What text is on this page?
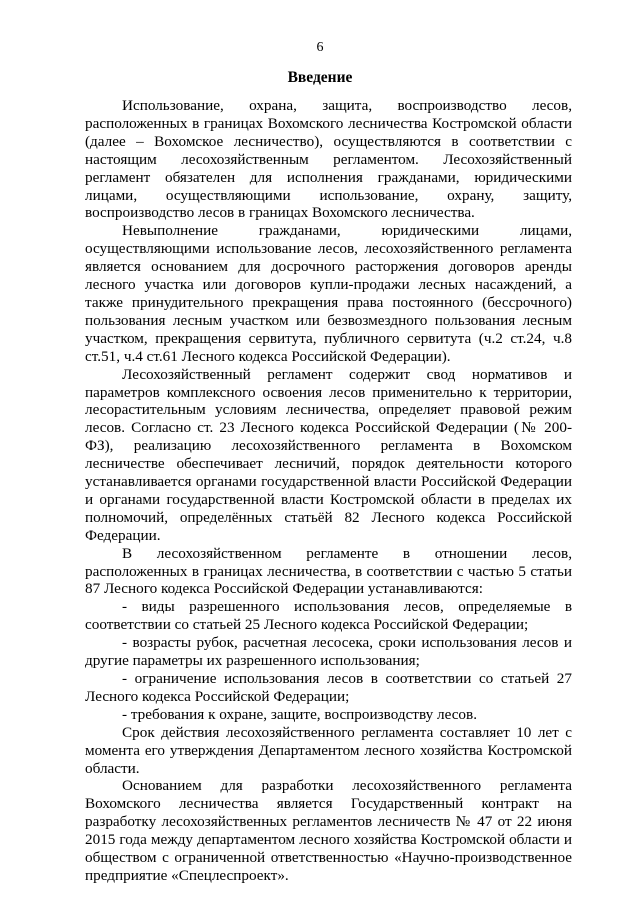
6
Введение

Использование, охрана, защита, воспроизводство лесов, расположенных в границах Вохомского лесничества Костромской области (далее – Вохомское лесничество), осуществляются в соответствии с настоящим лесохозяйственным регламентом. Лесохозяйственный регламент обязателен для исполнения гражданами, юридическими лицами, осуществляющими использование, охрану, защиту, воспроизводство лесов в границах Вохомского лесничества.

Невыполнение гражданами, юридическими лицами, осуществляющими использование лесов, лесохозяйственного регламента является основанием для досрочного расторжения договоров аренды лесного участка или договоров купли-продажи лесных насаждений, а также принудительного прекращения права постоянного (бессрочного) пользования лесным участком или безвозмездного пользования лесным участком, прекращения сервитута, публичного сервитута (ч.2 ст.24, ч.8 ст.51, ч.4 ст.61 Лесного кодекса Российской Федерации).

Лесохозяйственный регламент содержит свод нормативов и параметров комплексного освоения лесов применительно к территории, лесорастительным условиям лесничества, определяет правовой режим лесов. Согласно ст. 23 Лесного кодекса Российской Федерации (№ 200-ФЗ), реализацию лесохозяйственного регламента в Вохомском лесничестве обеспечивает лесничий, порядок деятельности которого устанавливается органами государственной власти Российской Федерации и органами государственной власти Костромской области в пределах их полномочий, определённых статьёй 82 Лесного кодекса Российской Федерации.

В лесохозяйственном регламенте в отношении лесов, расположенных в границах лесничества, в соответствии с частью 5 статьи 87 Лесного кодекса Российской Федерации устанавливаются:

- виды разрешенного использования лесов, определяемые в соответствии со статьей 25 Лесного кодекса Российской Федерации;

- возрасты рубок, расчетная лесосека, сроки использования лесов и другие параметры их разрешенного использования;

- ограничение использования лесов в соответствии со статьей 27 Лесного кодекса Российской Федерации;

- требования к охране, защите, воспроизводству лесов.

Срок действия лесохозяйственного регламента составляет 10 лет с момента его утверждения Департаментом лесного хозяйства Костромской области.

Основанием для разработки лесохозяйственного регламента Вохомского лесничества является Государственный контракт на разработку лесохозяйственных регламентов лесничеств № 47 от 22 июня 2015 года между департаментом лесного хозяйства Костромской области и обществом с ограниченной ответственностью «Научно-производственное предприятие «Спецлеспроект».
